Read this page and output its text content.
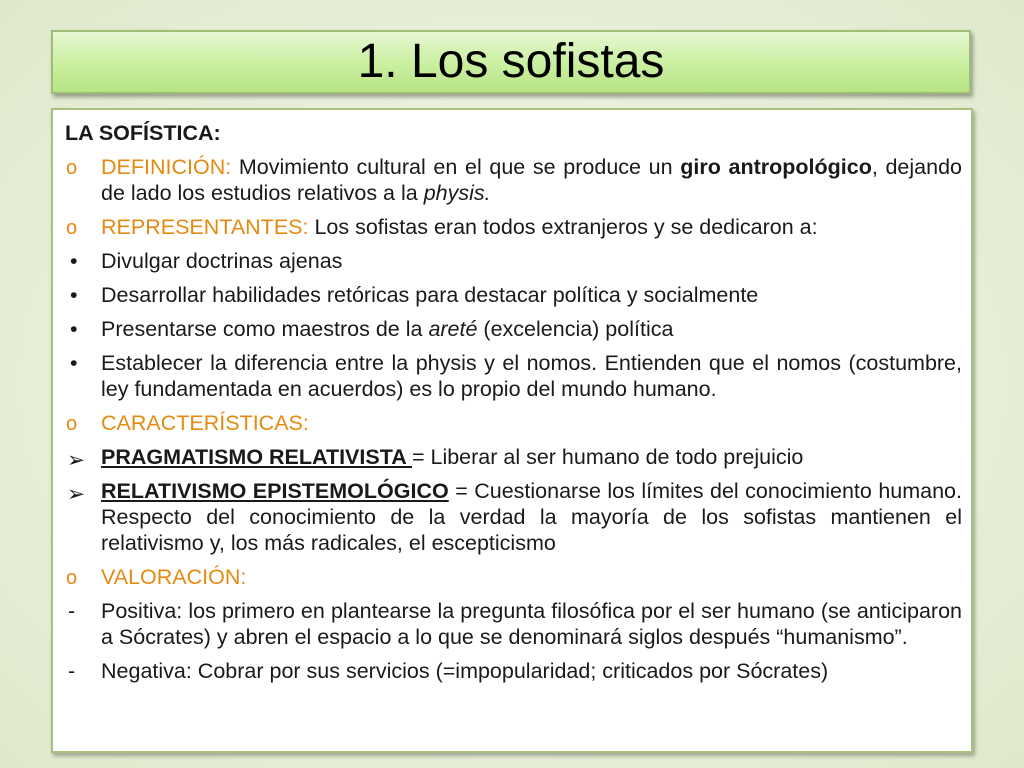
1. Los sofistas
LA SOFÍSTICA:
o	DEFINICIÓN: Movimiento cultural en el que se produce un giro antropológico, dejando de lado los estudios relativos a la physis.
o	REPRESENTANTES: Los sofistas eran todos extranjeros y se dedicaron a:
•	Divulgar doctrinas ajenas
•	Desarrollar habilidades retóricas para destacar política y socialmente
•	Presentarse como maestros de la areté (excelencia) política
•	Establecer la diferencia entre la physis y el nomos. Entienden que el nomos (costumbre, ley fundamentada en acuerdos) es lo propio del mundo humano.
o	CARACTERÍSTICAS:
➢ PRAGMATISMO RELATIVISTA = Liberar al ser humano de todo prejuicio
➢ RELATIVISMO EPISTEMOLÓGICO = Cuestionarse los límites del conocimiento humano. Respecto del conocimiento de la verdad la mayoría de los sofistas mantienen el relativismo y, los más radicales, el escepticismo
o	VALORACIÓN:
-	Positiva: los primero en plantearse la pregunta filosófica por el ser humano (se anticiparon a Sócrates) y abren el espacio a lo que se denominará siglos después “humanismo”.
-	Negativa: Cobrar por sus servicios (=impopularidad; criticados por Sócrates)
